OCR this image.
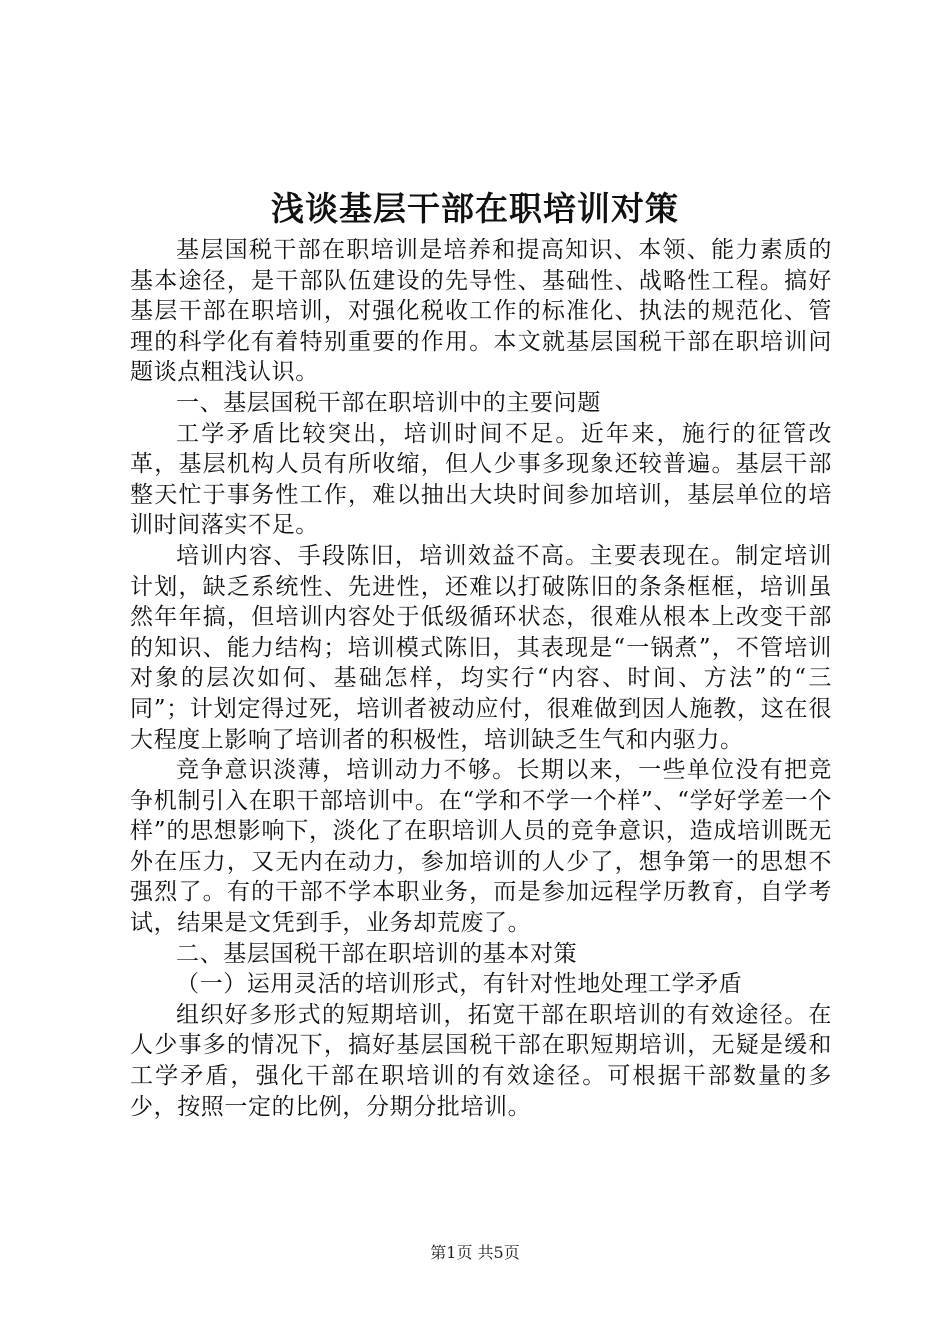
浅谈基层干部在职培训对策

基层国税干部在职培训是培养和提高知识、本领、能力素质的基本途径，是干部队伍建设的先导性、基础性、战略性工程。搞好基层干部在职培训，对强化税收工作的标准化、执法的规范化、管理的科学化有着特别重要的作用。本文就基层国税干部在职培训问题谈点粗浅认识。

一、基层国税干部在职培训中的主要问题

工学矛盾比较突出，培训时间不足。近年来，施行的征管改革，基层机构人员有所收缩，但人少事多现象还较普遍。基层干部整天忙于事务性工作，难以抽出大块时间参加培训，基层单位的培训时间落实不足。

培训内容、手段陈旧，培训效益不高。主要表现在。制定培训计划，缺乏系统性、先进性，还难以打破陈旧的条条框框，培训虽然年年搞，但培训内容处于低级循环状态，很难从根本上改变干部的知识、能力结构；培训模式陈旧，其表现是“一锅煮”，不管培训对象的层次如何、基础怎样，均实行“内容、时间、方法”的“三同”；计划定得过死，培训者被动应付，很难做到因人施教，这在很大程度上影响了培训者的积极性，培训缺乏生气和内驱力。

竞争意识淡薄，培训动力不够。长期以来，一些单位没有把竞争机制引入在职干部培训中。在“学和不学一个样”、“学好学差一个样”的思想影响下，淡化了在职培训人员的竞争意识，造成培训既无外在压力，又无内在动力，参加培训的人少了，想争第一的思想不强烈了。有的干部不学本职业务，而是参加远程学历教育，自学考试，结果是文凭到手，业务却荒废了。

二、基层国税干部在职培训的基本对策

（一）运用灵活的培训形式，有针对性地处理工学矛盾

组织好多形式的短期培训，拓宽干部在职培训的有效途径。在人少事多的情况下，搞好基层国税干部在职短期培训，无疑是缓和工学矛盾，强化干部在职培训的有效途径。可根据干部数量的多少，按照一定的比例，分期分批培训。

第1页 共5页
